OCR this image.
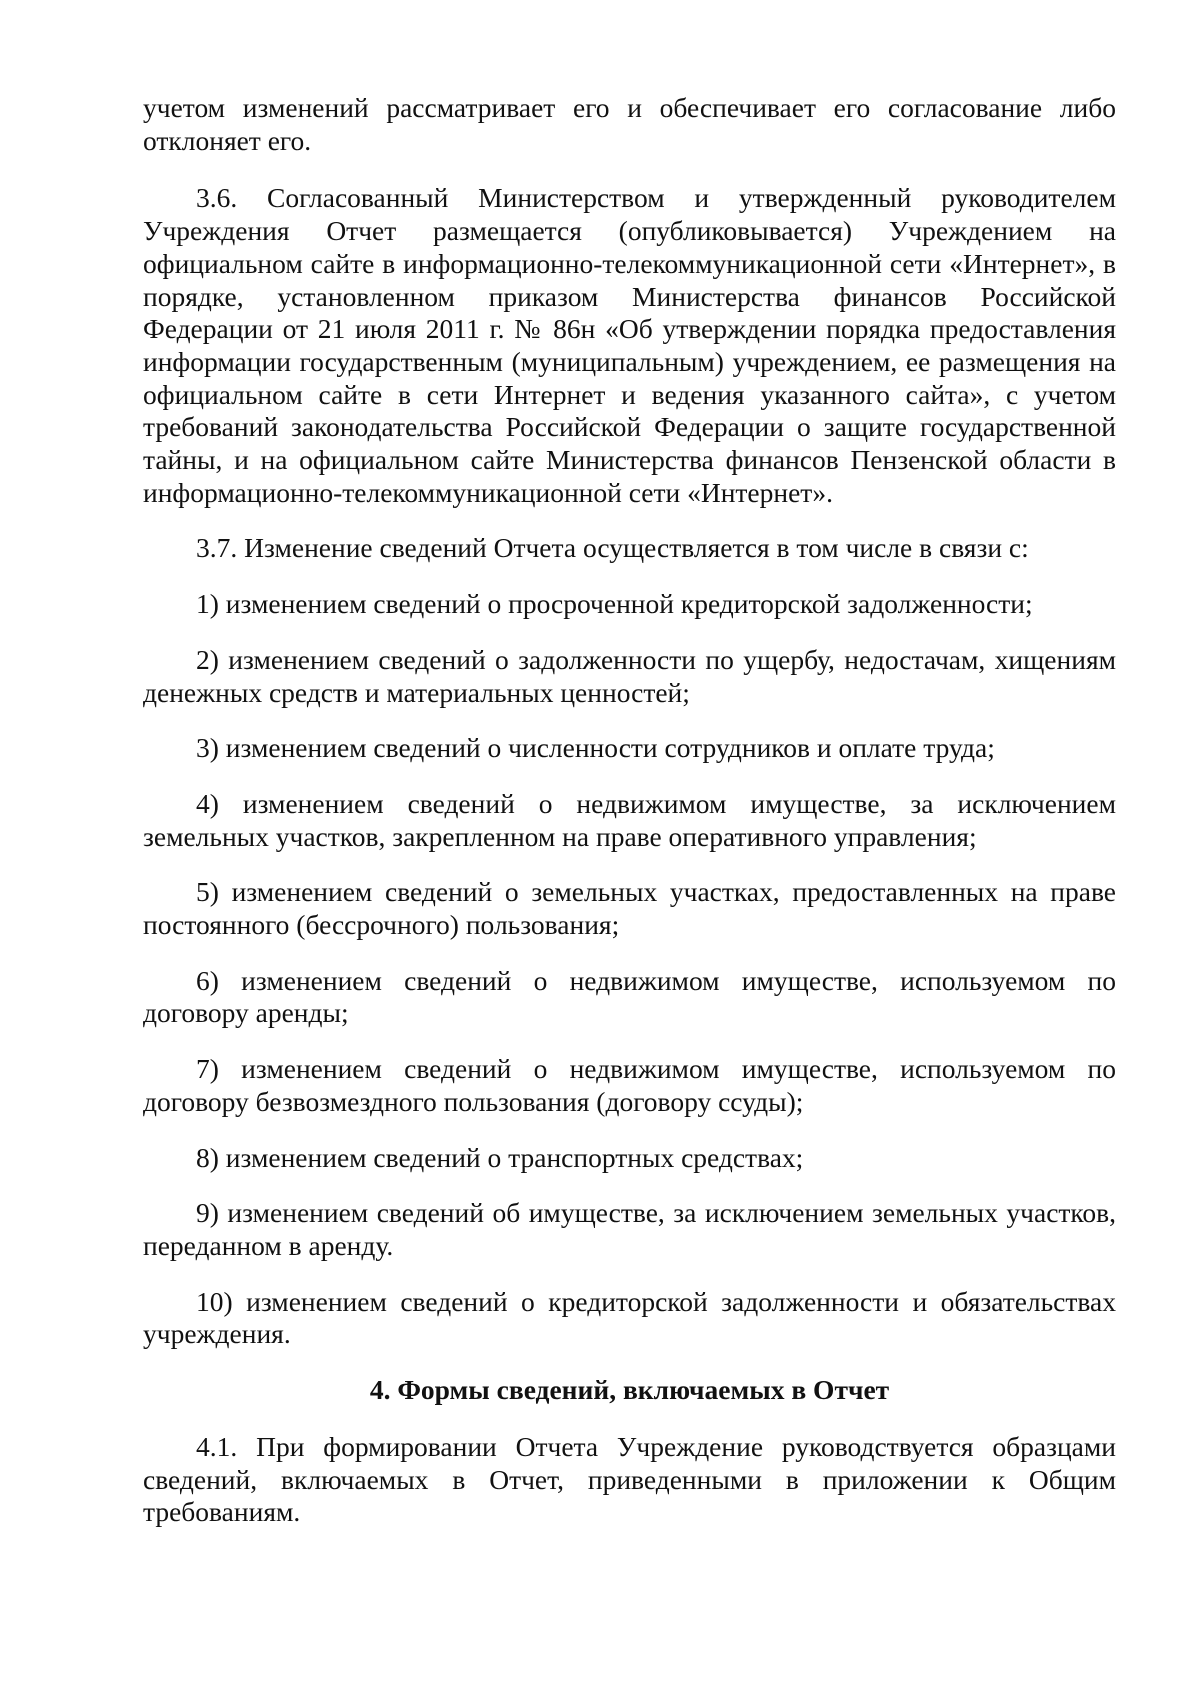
учетом изменений рассматривает его и обеспечивает его согласование либо отклоняет его.

3.6. Согласованный Министерством и утвержденный руководителем Учреждения Отчет размещается (опубликовывается) Учреждением на официальном сайте в информационно-телекоммуникационной сети «Интернет», в порядке, установленном приказом Министерства финансов Российской Федерации от 21 июля 2011 г. № 86н «Об утверждении порядка предоставления информации государственным (муниципальным) учреждением, ее размещения на официальном сайте в сети Интернет и ведения указанного сайта», с учетом требований законодательства Российской Федерации о защите государственной тайны, и на официальном сайте Министерства финансов Пензенской области в информационно-телекоммуникационной сети «Интернет».

3.7. Изменение сведений Отчета осуществляется в том числе в связи с:

1) изменением сведений о просроченной кредиторской задолженности;

2) изменением сведений о задолженности по ущербу, недостачам, хищениям денежных средств и материальных ценностей;

3) изменением сведений о численности сотрудников и оплате труда;

4) изменением сведений о недвижимом имуществе, за исключением земельных участков, закрепленном на праве оперативного управления;

5) изменением сведений о земельных участках, предоставленных на праве постоянного (бессрочного) пользования;

6) изменением сведений о недвижимом имуществе, используемом по договору аренды;

7) изменением сведений о недвижимом имуществе, используемом по договору безвозмездного пользования (договору ссуды);

8) изменением сведений о транспортных средствах;

9) изменением сведений об имуществе, за исключением земельных участков, переданном в аренду.

10) изменением сведений о кредиторской задолженности и обязательствах учреждения.

4. Формы сведений, включаемых в Отчет

4.1. При формировании Отчета Учреждение руководствуется образцами сведений, включаемых в Отчет, приведенными в приложении к Общим требованиям.
